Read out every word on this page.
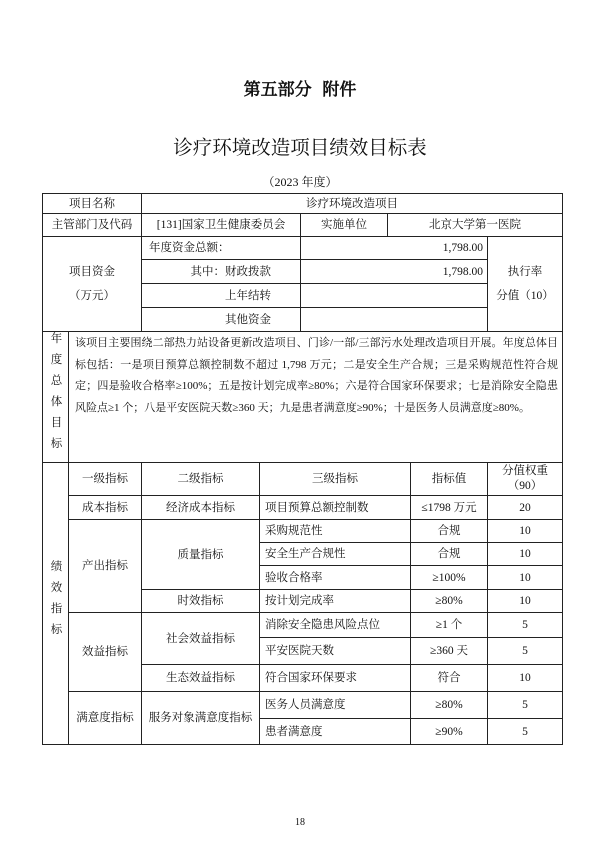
第五部分 附件
诊疗环境改造项目绩效目标表
（2023 年度）
项目名称		诊疗环境改造项目					
主管部门及代码		[131]国家卫生健康委员会		实施单位	北京大学第一医院		

项目资金
（万元）		年度资金总额：		1,798.00			执行率
分值（10）

		其中：财政拨款		1,798.00			
		上年结转					
		其他资金					
年度总体目标	该项目主要围绕二部热力站设备更新改造项目、门诊/一部/三部污水处理改造项目开展。年度总体目标包括：一是项目预算总额控制数不超过 1,798 万元；二是安全生产合规；三是采购规范性符合规定；四是验收合格率≥100%；五是按计划完成率≥80%；六是符合国家环保要求；七是消除安全隐患风险点≥1 个；八是平安医院天数≥360 天；九是患者满意度≥90%；十是医务人员满意度≥80%。						
绩效指标	一级指标	二级指标	三级指标			指标值	分值权重
（90）

	成本指标	经济成本指标	项目预算总额控制数			≤1798 万元	20
	产出指标	质量指标	采购规范性			合规	10
			安全生产合规性			合规	10
			验收合格率			≥100%	10
		时效指标	按计划完成率			≥80%	10
	效益指标	社会效益指标	消除安全隐患风险点位			≥1 个	5
			平安医院天数			≥360 天	5
		生态效益指标	符合国家环保要求			符合	10
	满意度指标	服务对象满意度指标	医务人员满意度			≥80%	5
			患者满意度			≥90%	5
18
